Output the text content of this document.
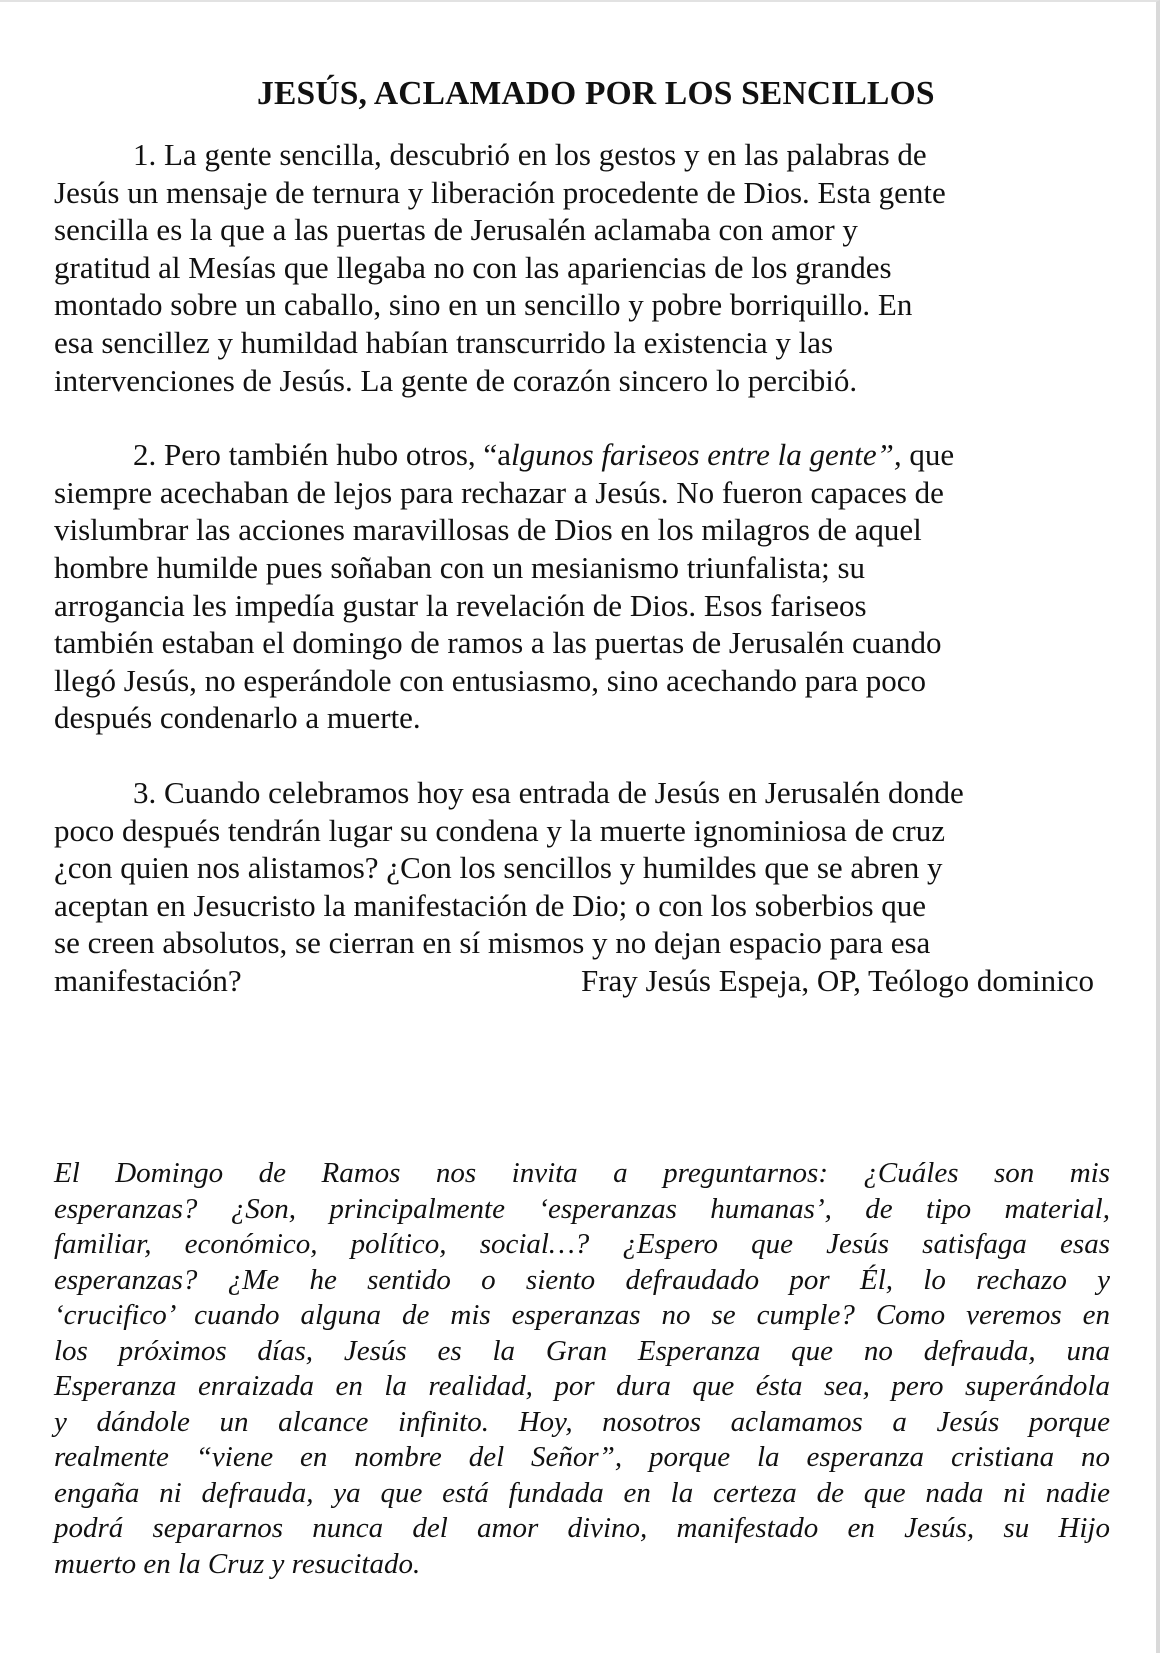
JESÚS, ACLAMADO POR LOS SENCILLOS

1. La gente sencilla, descubrió en los gestos y en las palabras de
Jesús un mensaje de ternura y liberación procedente de Dios. Esta gente
sencilla es la que a las puertas de Jerusalén aclamaba con amor y
gratitud al Mesías que llegaba no con las apariencias de los grandes
montado sobre un caballo, sino en un sencillo y pobre borriquillo. En
esa sencillez y humildad habían transcurrido la existencia y las
intervenciones de Jesús. La gente de corazón sincero lo percibió.

2. Pero también hubo otros, “algunos fariseos entre la gente”, que
siempre acechaban de lejos para rechazar a Jesús. No fueron capaces de
vislumbrar las acciones maravillosas de Dios en los milagros de aquel
hombre humilde pues soñaban con un mesianismo triunfalista; su
arrogancia les impedía gustar la revelación de Dios. Esos fariseos
también estaban el domingo de ramos a las puertas de Jerusalén cuando
llegó Jesús, no esperándole con entusiasmo, sino acechando para poco
después condenarlo a muerte.

3. Cuando celebramos hoy esa entrada de Jesús en Jerusalén donde
poco después tendrán lugar su condena y la muerte ignominiosa de cruz
¿con quien nos alistamos? ¿Con los sencillos y humildes que se abren y
aceptan en Jesucristo la manifestación de Dio; o con los soberbios que
se creen absolutos, se cierran en sí mismos y no dejan espacio para esa
manifestación?	Fray Jesús Espeja, OP, Teólogo dominico

El Domingo de Ramos nos invita a preguntarnos: ¿Cuáles son mis
esperanzas? ¿Son, principalmente ‘esperanzas humanas’, de tipo material,
familiar, económico, político, social…? ¿Espero que Jesús satisfaga esas
esperanzas? ¿Me he sentido o siento defraudado por Él, lo rechazo y
‘crucifico’ cuando alguna de mis esperanzas no se cumple? Como veremos en
los próximos días, Jesús es la Gran Esperanza que no defrauda, una
Esperanza enraizada en la realidad, por dura que ésta sea, pero superándola
y dándole un alcance infinito. Hoy, nosotros aclamamos a Jesús porque
realmente “viene en nombre del Señor”, porque la esperanza cristiana no
engaña ni defrauda, ya que está fundada en la certeza de que nada ni nadie
podrá separarnos nunca del amor divino, manifestado en Jesús, su Hijo
muerto en la Cruz y resucitado.
